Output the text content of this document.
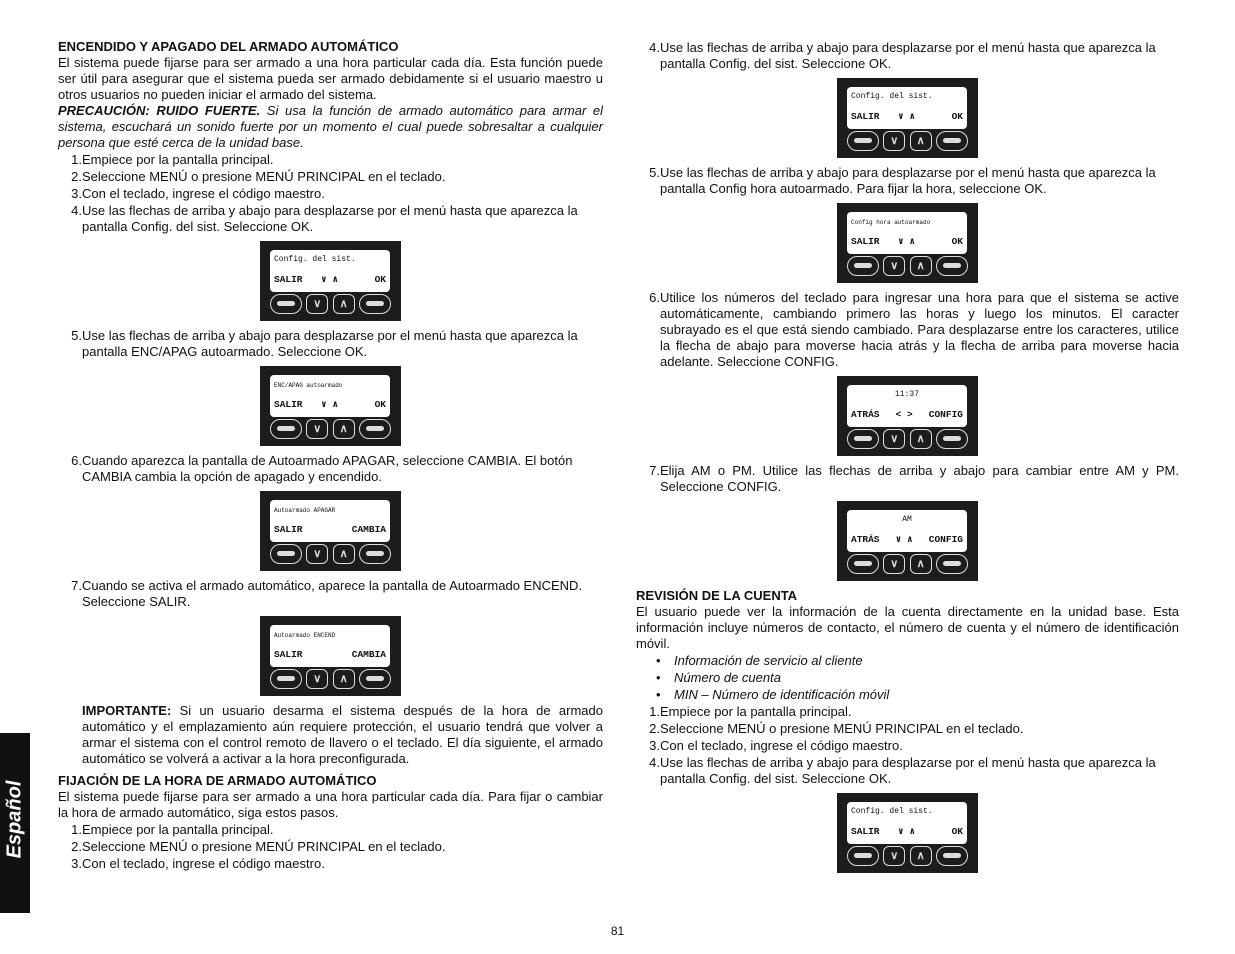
ENCENDIDO Y APAGADO DEL ARMADO AUTOMÁTICO

El sistema puede fijarse para ser armado a una hora particular cada día. Esta función puede ser útil para asegurar que el sistema pueda ser armado debidamente si el usuario maestro u otros usuarios no pueden iniciar el armado del sistema.

PRECAUCIÓN: RUIDO FUERTE. Si usa la función de armado automático para armar el sistema, escuchará un sonido fuerte por un momento el cual puede sobresaltar a cualquier persona que esté cerca de la unidad base.

1. Empiece por la pantalla principal.
2. Seleccione MENÚ o presione MENÚ PRINCIPAL en el teclado.
3. Con el teclado, ingrese el código maestro.
4. Use las flechas de arriba y abajo para desplazarse por el menú hasta que aparezca la pantalla Config. del sist. Seleccione OK.
Config. del sist.
SALIR ∨ ∧	OK
∨	∧
5. Use las flechas de arriba y abajo para desplazarse por el menú hasta que aparezca la pantalla ENC/APAG autoarmado. Seleccione OK.
ENC/APAG autoarmado
SALIR ∨ ∧	OK
∨	∧
6. Cuando aparezca la pantalla de Autoarmado APAGAR, seleccione CAMBIA. El botón CAMBIA cambia la opción de apagado y encendido.
Autoarmado APAGAR
SALIR	CAMBIA
∨	∧
7. Cuando se activa el armado automático, aparece la pantalla de Autoarmado ENCEND. Seleccione SALIR.
Autoarmado ENCEND
SALIR	CAMBIA
∨	∧

IMPORTANTE: Si un usuario desarma el sistema después de la hora de armado automático y el emplazamiento aún requiere protección, el usuario tendrá que volver a armar el sistema con el control remoto de llavero o el teclado. El día siguiente, el armado automático se volverá a activar a la hora preconfigurada.

FIJACIÓN DE LA HORA DE ARMADO AUTOMÁTICO

El sistema puede fijarse para ser armado a una hora particular cada día. Para fijar o cambiar la hora de armado automático, siga estos pasos.

1. Empiece por la pantalla principal.
2. Seleccione MENÚ o presione MENÚ PRINCIPAL en el teclado.
3. Con el teclado, ingrese el código maestro.
4. Use las flechas de arriba y abajo para desplazarse por el menú hasta que aparezca la pantalla Config. del sist. Seleccione OK.
Config. del sist.
SALIR ∨ ∧	OK
∨	∧
5. Use las flechas de arriba y abajo para desplazarse por el menú hasta que aparezca la pantalla Config hora autoarmado. Para fijar la hora, seleccione OK.
Config hora autoarmado
SALIR ∨ ∧	OK
∨	∧
6. Utilice los números del teclado para ingresar una hora para que el sistema se active automáticamente, cambiando primero las horas y luego los minutos. El caracter subrayado es el que está siendo cambiado. Para desplazarse entre los caracteres, utilice la flecha de abajo para moverse hacia atrás y la flecha de arriba para moverse hacia adelante. Seleccione CONFIG.
11:37
ATRÁS < > CONFIG
∨	∧
7. Elija AM o PM. Utilice las flechas de arriba y abajo para cambiar entre AM y PM. Seleccione CONFIG.
AM
ATRÁS ∨ ∧ CONFIG
∨	∧
REVISIÓN DE LA CUENTA

El usuario puede ver la información de la cuenta directamente en la unidad base. Esta información incluye números de contacto, el número de cuenta y el número de identificación móvil.

•	Información de servicio al cliente
•	Número de cuenta
•	MIN – Número de identificación móvil
1. Empiece por la pantalla principal.
2. Seleccione MENÚ o presione MENÚ PRINCIPAL en el teclado.
3. Con el teclado, ingrese el código maestro.
4. Use las flechas de arriba y abajo para desplazarse por el menú hasta que aparezca la pantalla Config. del sist. Seleccione OK.
Config. del sist.
SALIR ∨ ∧	OK
∨	∧
Español
81
